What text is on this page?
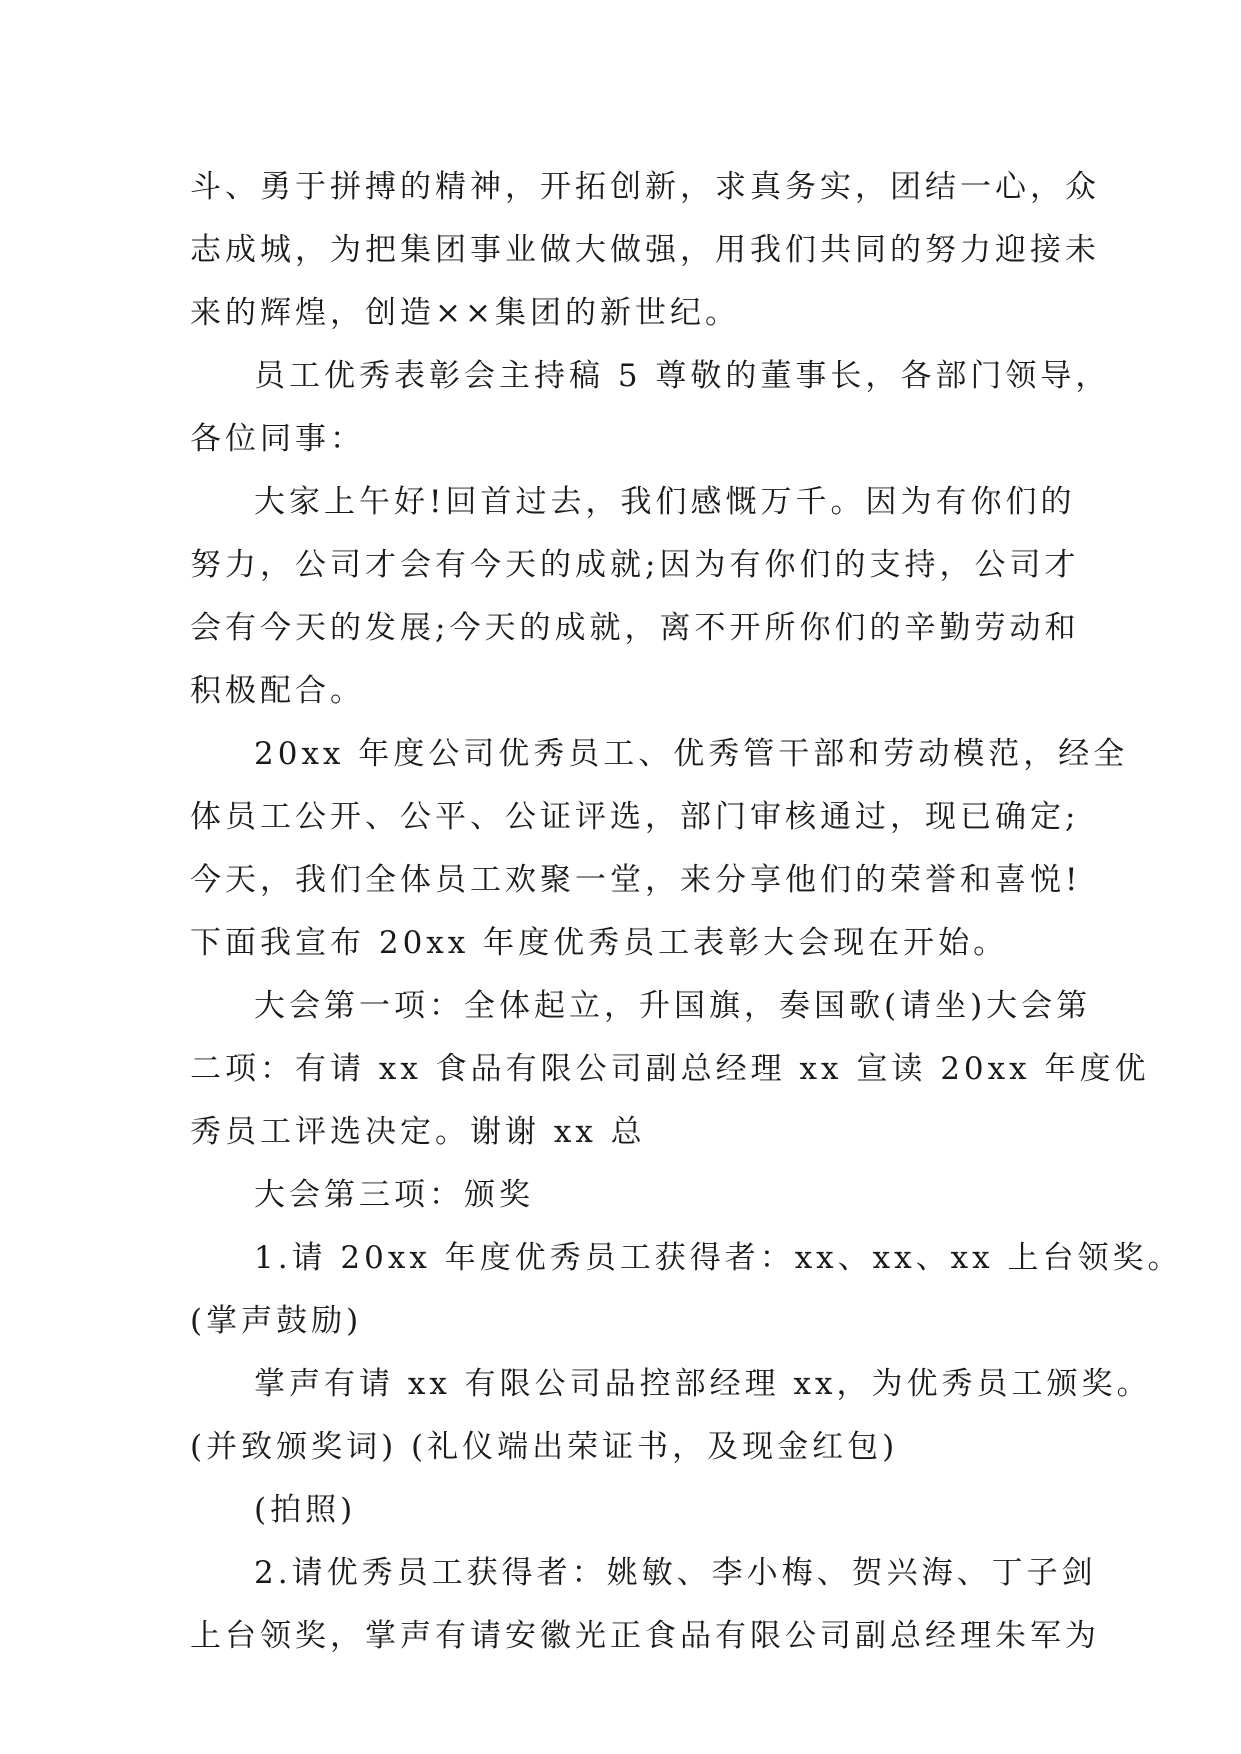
斗、勇于拼搏的精神，开拓创新，求真务实，团结一心，众
志成城，为把集团事业做大做强，用我们共同的努力迎接未
来的辉煌，创造××集团的新世纪。
员工优秀表彰会主持稿 5 尊敬的董事长，各部门领导，
各位同事：
大家上午好!回首过去，我们感慨万千。因为有你们的
努力，公司才会有今天的成就;因为有你们的支持，公司才
会有今天的发展;今天的成就，离不开所你们的辛勤劳动和
积极配合。
20xx 年度公司优秀员工、优秀管干部和劳动模范，经全
体员工公开、公平、公证评选，部门审核通过，现已确定;
今天，我们全体员工欢聚一堂，来分享他们的荣誉和喜悦!
下面我宣布 20xx 年度优秀员工表彰大会现在开始。
大会第一项：全体起立，升国旗，奏国歌(请坐)大会第
二项：有请 xx 食品有限公司副总经理 xx 宣读 20xx 年度优
秀员工评选决定。谢谢 xx 总
大会第三项：颁奖
1.请 20xx 年度优秀员工获得者：xx、xx、xx 上台领奖。
(掌声鼓励)
掌声有请 xx 有限公司品控部经理 xx，为优秀员工颁奖。
(并致颁奖词) (礼仪端出荣证书，及现金红包)
(拍照)
2.请优秀员工获得者：姚敏、李小梅、贺兴海、丁子剑
上台领奖，掌声有请安徽光正食品有限公司副总经理朱军为
